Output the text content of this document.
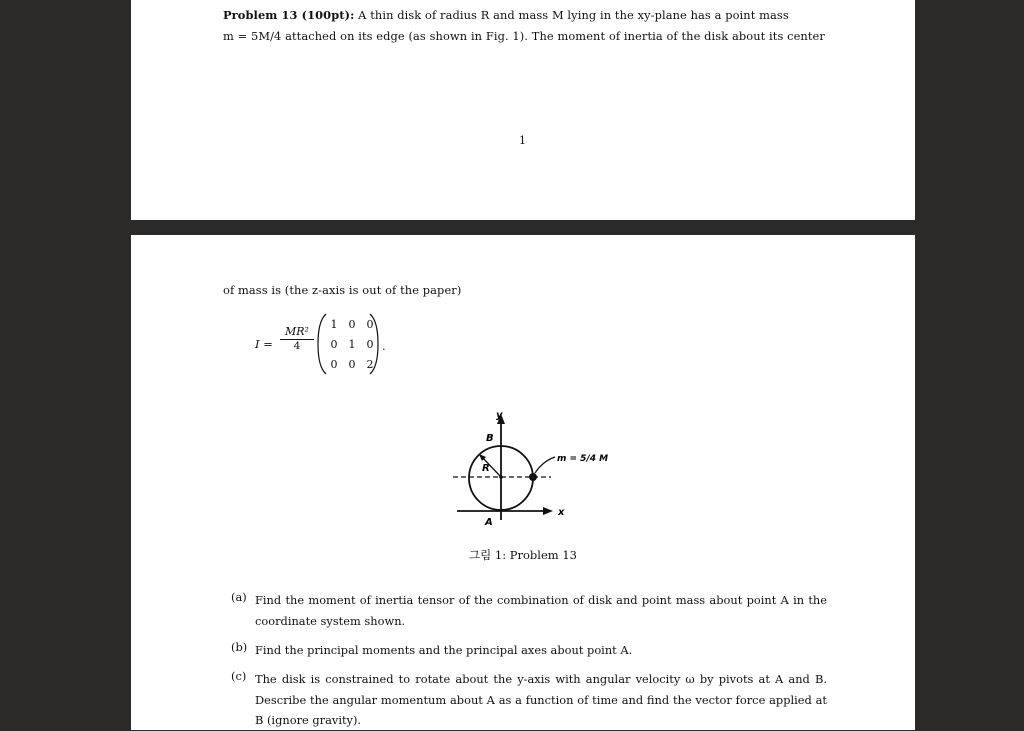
Problem 13 (100pt): A thin disk of radius R and mass M lying in the xy-plane has a point mass
m = 5M/4 attached on its edge (as shown in Fig. 1). The moment of inertia of the disk about its center
1
of mass is (the z-axis is out of the paper)
$I = \frac{\text{MR²}}{4}$
1	0	0
0	1	0
0	0	2
.
y
B
R
m = 5/4 M
x
A
그림 1: Problem 13
(a) Find the moment of inertia tensor of the combination of disk and point mass about point A in the coordinate system shown.
(b) Find the principal moments and the principal axes about point A.
(c) The disk is constrained to rotate about the y-axis with angular velocity ω by pivots at A and B. Describe the angular momentum about A as a function of time and find the vector force applied at B (ignore gravity).
